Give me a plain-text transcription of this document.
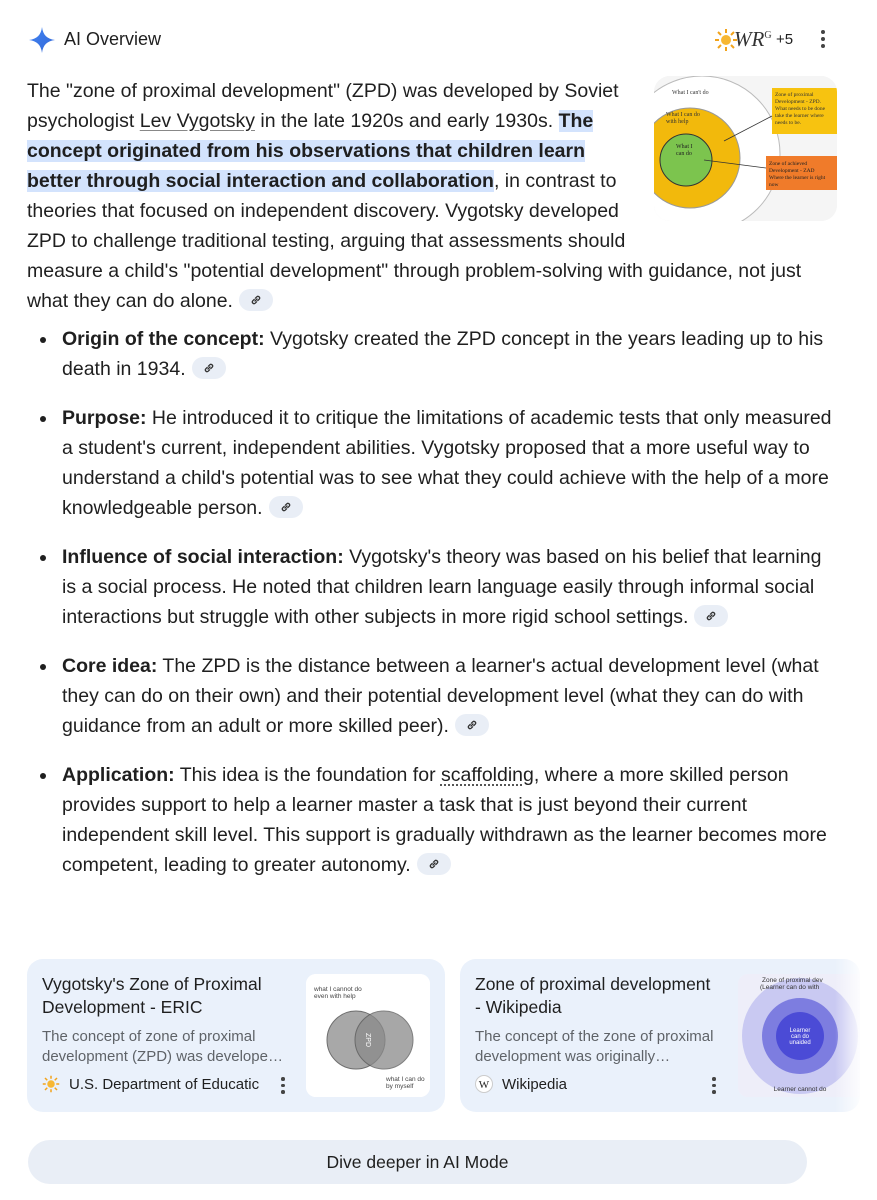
AI Overview	$WR^G +5$
What I can't do
What I can do
with help
What I
can do
Zone of proximal
Development - ZPD.
What needs to be done
take the learner where
needs to be.
Zone of achieved
Development - ZAD
Where the learner is right
now
The "zone of proximal development" (ZPD) was developed by Soviet psychologist Lev Vygotsky in the late 1920s and early 1930s. The concept originated from his observations that children learn better through social interaction and collaboration, in contrast to theories that focused on independent discovery. Vygotsky developed ZPD to challenge traditional testing, arguing that assessments should measure a child's "potential development" through problem-solving with guidance, not just what they can do alone.
Origin of the concept: Vygotsky created the ZPD concept in the years leading up to his death in 1934.
Purpose: He introduced it to critique the limitations of academic tests that only measured a student's current, independent abilities. Vygotsky proposed that a more useful way to understand a child's potential was to see what they could achieve with the help of a more knowledgeable person.
Influence of social interaction: Vygotsky's theory was based on his belief that learning is a social process. He noted that children learn language easily through informal social interactions but struggle with other subjects in more rigid school settings.
Core idea: The ZPD is the distance between a learner's actual development level (what they can do on their own) and their potential development level (what they can do with guidance from an adult or more skilled peer).
Application: This idea is the foundation for scaffolding, where a more skilled person provides support to help a learner master a task that is just beyond their current independent skill level. This support is gradually withdrawn as the learner becomes more competent, leading to greater autonomy.
Vygotsky's Zone of Proximal Development - ERIC
The concept of zone of proximal development (ZPD) was develope…
U.S. Department of Educatic
what I cannot do
even with help
ZPD
what I can do
by myself
Zone of proximal development - Wikipedia
The concept of the zone of proximal development was originally…
W Wikipedia
Zone of proximal dev
(Learner can do with
Learner
can do
unaided
Learner cannot do
Dive deeper in AI Mode
